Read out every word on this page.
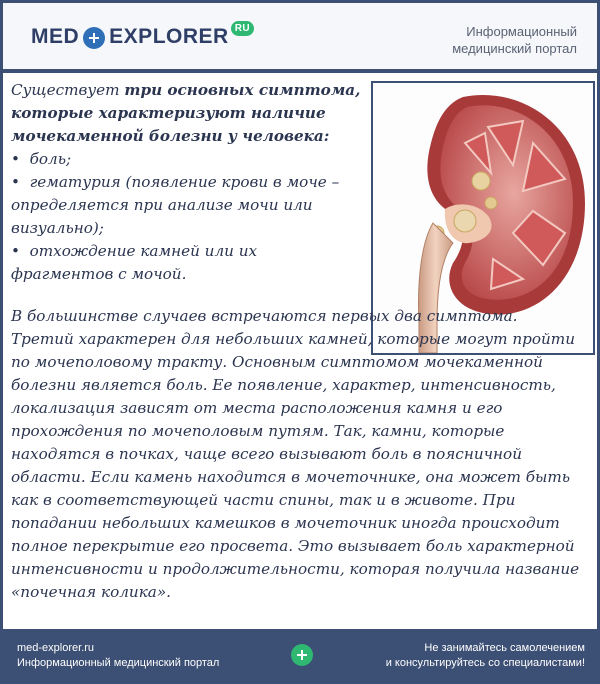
MED EXPLORER RU	Информационный
медицинский портал
Существует три основных симптома, которые характеризуют наличие мочекаменной болезни у человека:
•  боль;
•  гематурия (появление крови в моче – определяется при анализе мочи или визуально);
•  отхождение камней или их фрагментов с мочой.
В большинстве случаев встречаются первых два симптома. Третий характерен для небольших камней, которые могут пройти по мочеполовому тракту. Основным симптомом мочекаменной болезни является боль. Ее появление, характер, интенсивность, локализация зависят от места расположения камня и его прохождения по мочеполовым путям. Так, камни, которые находятся в почках, чаще всего вызывают боль в поясничной области. Если камень находится в мочеточнике, она может быть как в соответствующей части спины, так и в животе. При попадании небольших камешков в мочеточник иногда происходит полное перекрытие его просвета. Это вызывает боль характерной интенсивности и продолжительности, которая получила название «почечная колика».
med-explorer.ru
Информационный медицинский портал
Не занимайтесь самолечением
и консультируйтесь со специалистами!
